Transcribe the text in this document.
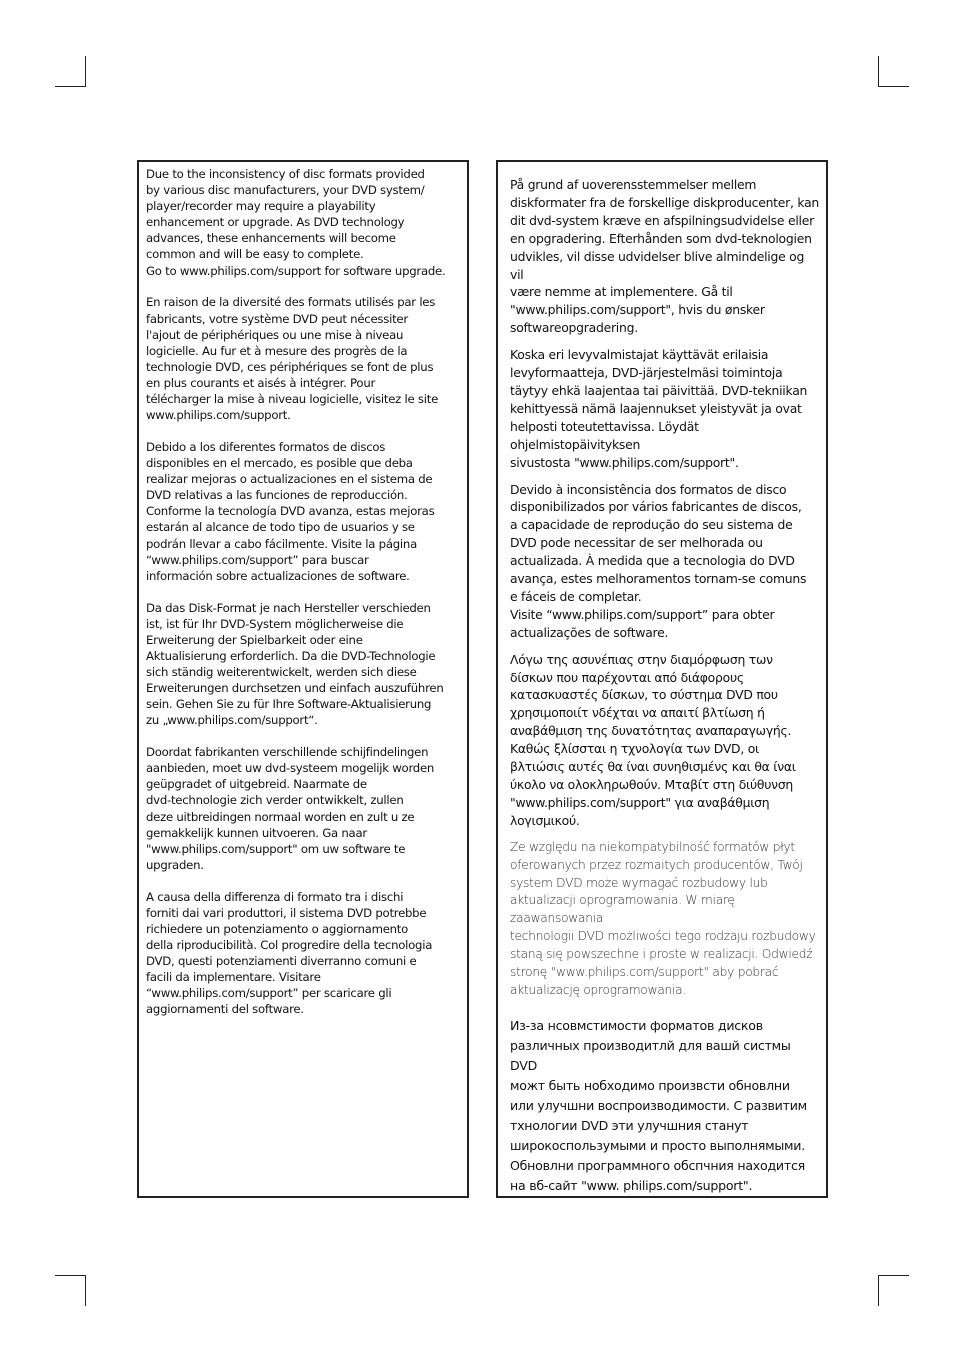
Due to the inconsistency of disc formats provided
by various disc manufacturers, your DVD system/
player/recorder may require a playability
enhancement or upgrade. As DVD technology
advances, these enhancements will become
common and will be easy to complete.
Go to www.philips.com/support for software upgrade.

En raison de la diversité des formats utilisés par les
fabricants, votre système DVD peut nécessiter
l'ajout de périphériques ou une mise à niveau
logicielle. Au fur et à mesure des progrès de la
technologie DVD, ces périphériques se font de plus
en plus courants et aisés à intégrer. Pour
télécharger la mise à niveau logicielle, visitez le site
www.philips.com/support.

Debido a los diferentes formatos de discos
disponibles en el mercado, es posible que deba
realizar mejoras o actualizaciones en el sistema de
DVD relativas a las funciones de reproducción.
Conforme la tecnología DVD avanza, estas mejoras
estarán al alcance de todo tipo de usuarios y se
podrán llevar a cabo fácilmente. Visite la página
“www.philips.com/support” para buscar
información sobre actualizaciones de software.

Da das Disk-Format je nach Hersteller verschieden
ist, ist für Ihr DVD-System möglicherweise die
Erweiterung der Spielbarkeit oder eine
Aktualisierung erforderlich. Da die DVD-Technologie
sich ständig weiterentwickelt, werden sich diese
Erweiterungen durchsetzen und einfach auszuführen
sein. Gehen Sie zu für Ihre Software-Aktualisierung
zu „www.philips.com/support“.

Doordat fabrikanten verschillende schijfindelingen
aanbieden, moet uw dvd-systeem mogelijk worden
geüpgradet of uitgebreid. Naarmate de
dvd-technologie zich verder ontwikkelt, zullen
deze uitbreidingen normaal worden en zult u ze
gemakkelijk kunnen uitvoeren. Ga naar
"www.philips.com/support" om uw software te
upgraden.

A causa della differenza di formato tra i dischi
forniti dai vari produttori, il sistema DVD potrebbe
richiedere un potenziamento o aggiornamento
della riproducibilità. Col progredire della tecnologia
DVD, questi potenziamenti diverranno comuni e
facili da implementare. Visitare
“www.philips.com/support” per scaricare gli
aggiornamenti del software.

På grund af uoverensstemmelser mellem
diskformater fra de forskellige diskproducenter, kan
dit dvd-system kræve en afspilningsudvidelse eller
en opgradering. Efterhånden som dvd-teknologien
udvikles, vil disse udvidelser blive almindelige og vil
være nemme at implementere. Gå til
"www.philips.com/support", hvis du ønsker
softwareopgradering.

Koska eri levyvalmistajat käyttävät erilaisia
levyformaatteja, DVD-järjestelmäsi toimintoja
täytyy ehkä laajentaa tai päivittää. DVD-tekniikan
kehittyessä nämä laajennukset yleistyvät ja ovat
helposti toteutettavissa. Löydät ohjelmistopäivityksen
sivustosta "www.philips.com/support".

Devido à inconsistência dos formatos de disco
disponibilizados por vários fabricantes de discos,
a capacidade de reprodução do seu sistema de
DVD pode necessitar de ser melhorada ou
actualizada. À medida que a tecnologia do DVD
avança, estes melhoramentos tornam-se comuns
e fáceis de completar.
Visite “www.philips.com/support” para obter
actualizações de software.

Λόγω της ασυνέπιας στην διαμόρφωση των
δίσκων που παρέχονται από διάφορους
κατασκυαστές δίσκων, το σύστημα DVD που
χρησιμοποιίτ νδέχται να απαιτί βλτίωση ή
αναβάθμιση της δυνατότητας αναπαραγωγής.
Καθώς ξλίσσται η τχνολογία των DVD, οι
βλτιώσις αυτές θα ίναι συνηθισμένς και θα ίναι
ύκολο να ολοκληρωθούν. Μταβίτ στη διύθυνση
"www.philips.com/support" για αναβάθμιση
λογισμικού.

Ze względu na niekompatybilność formatów płyt
oferowanych przez rozmaitych producentów, Twój
system DVD może wymagać rozbudowy lub
aktualizacji oprogramowania. W miarę zaawansowania
technologii DVD możliwości tego rodzaju rozbudowy
staną się powszechne i proste w realizacji. Odwiedź
stronę "www.philips.com/support" aby pobrać
aktualizację oprogramowania.

Из-за нсовмстимости форматов дисков
различных производитлй для вашй систмы DVD
можт быть нобходимо произвсти обновлни
или улучшни воспроизводимости. С развитим
тхнологии DVD эти улучшния станут
широкоспользумыми и просто выполнямыми.
Обновлни программного обспчния находится
на вб-сайт "www. philips.com/support".
